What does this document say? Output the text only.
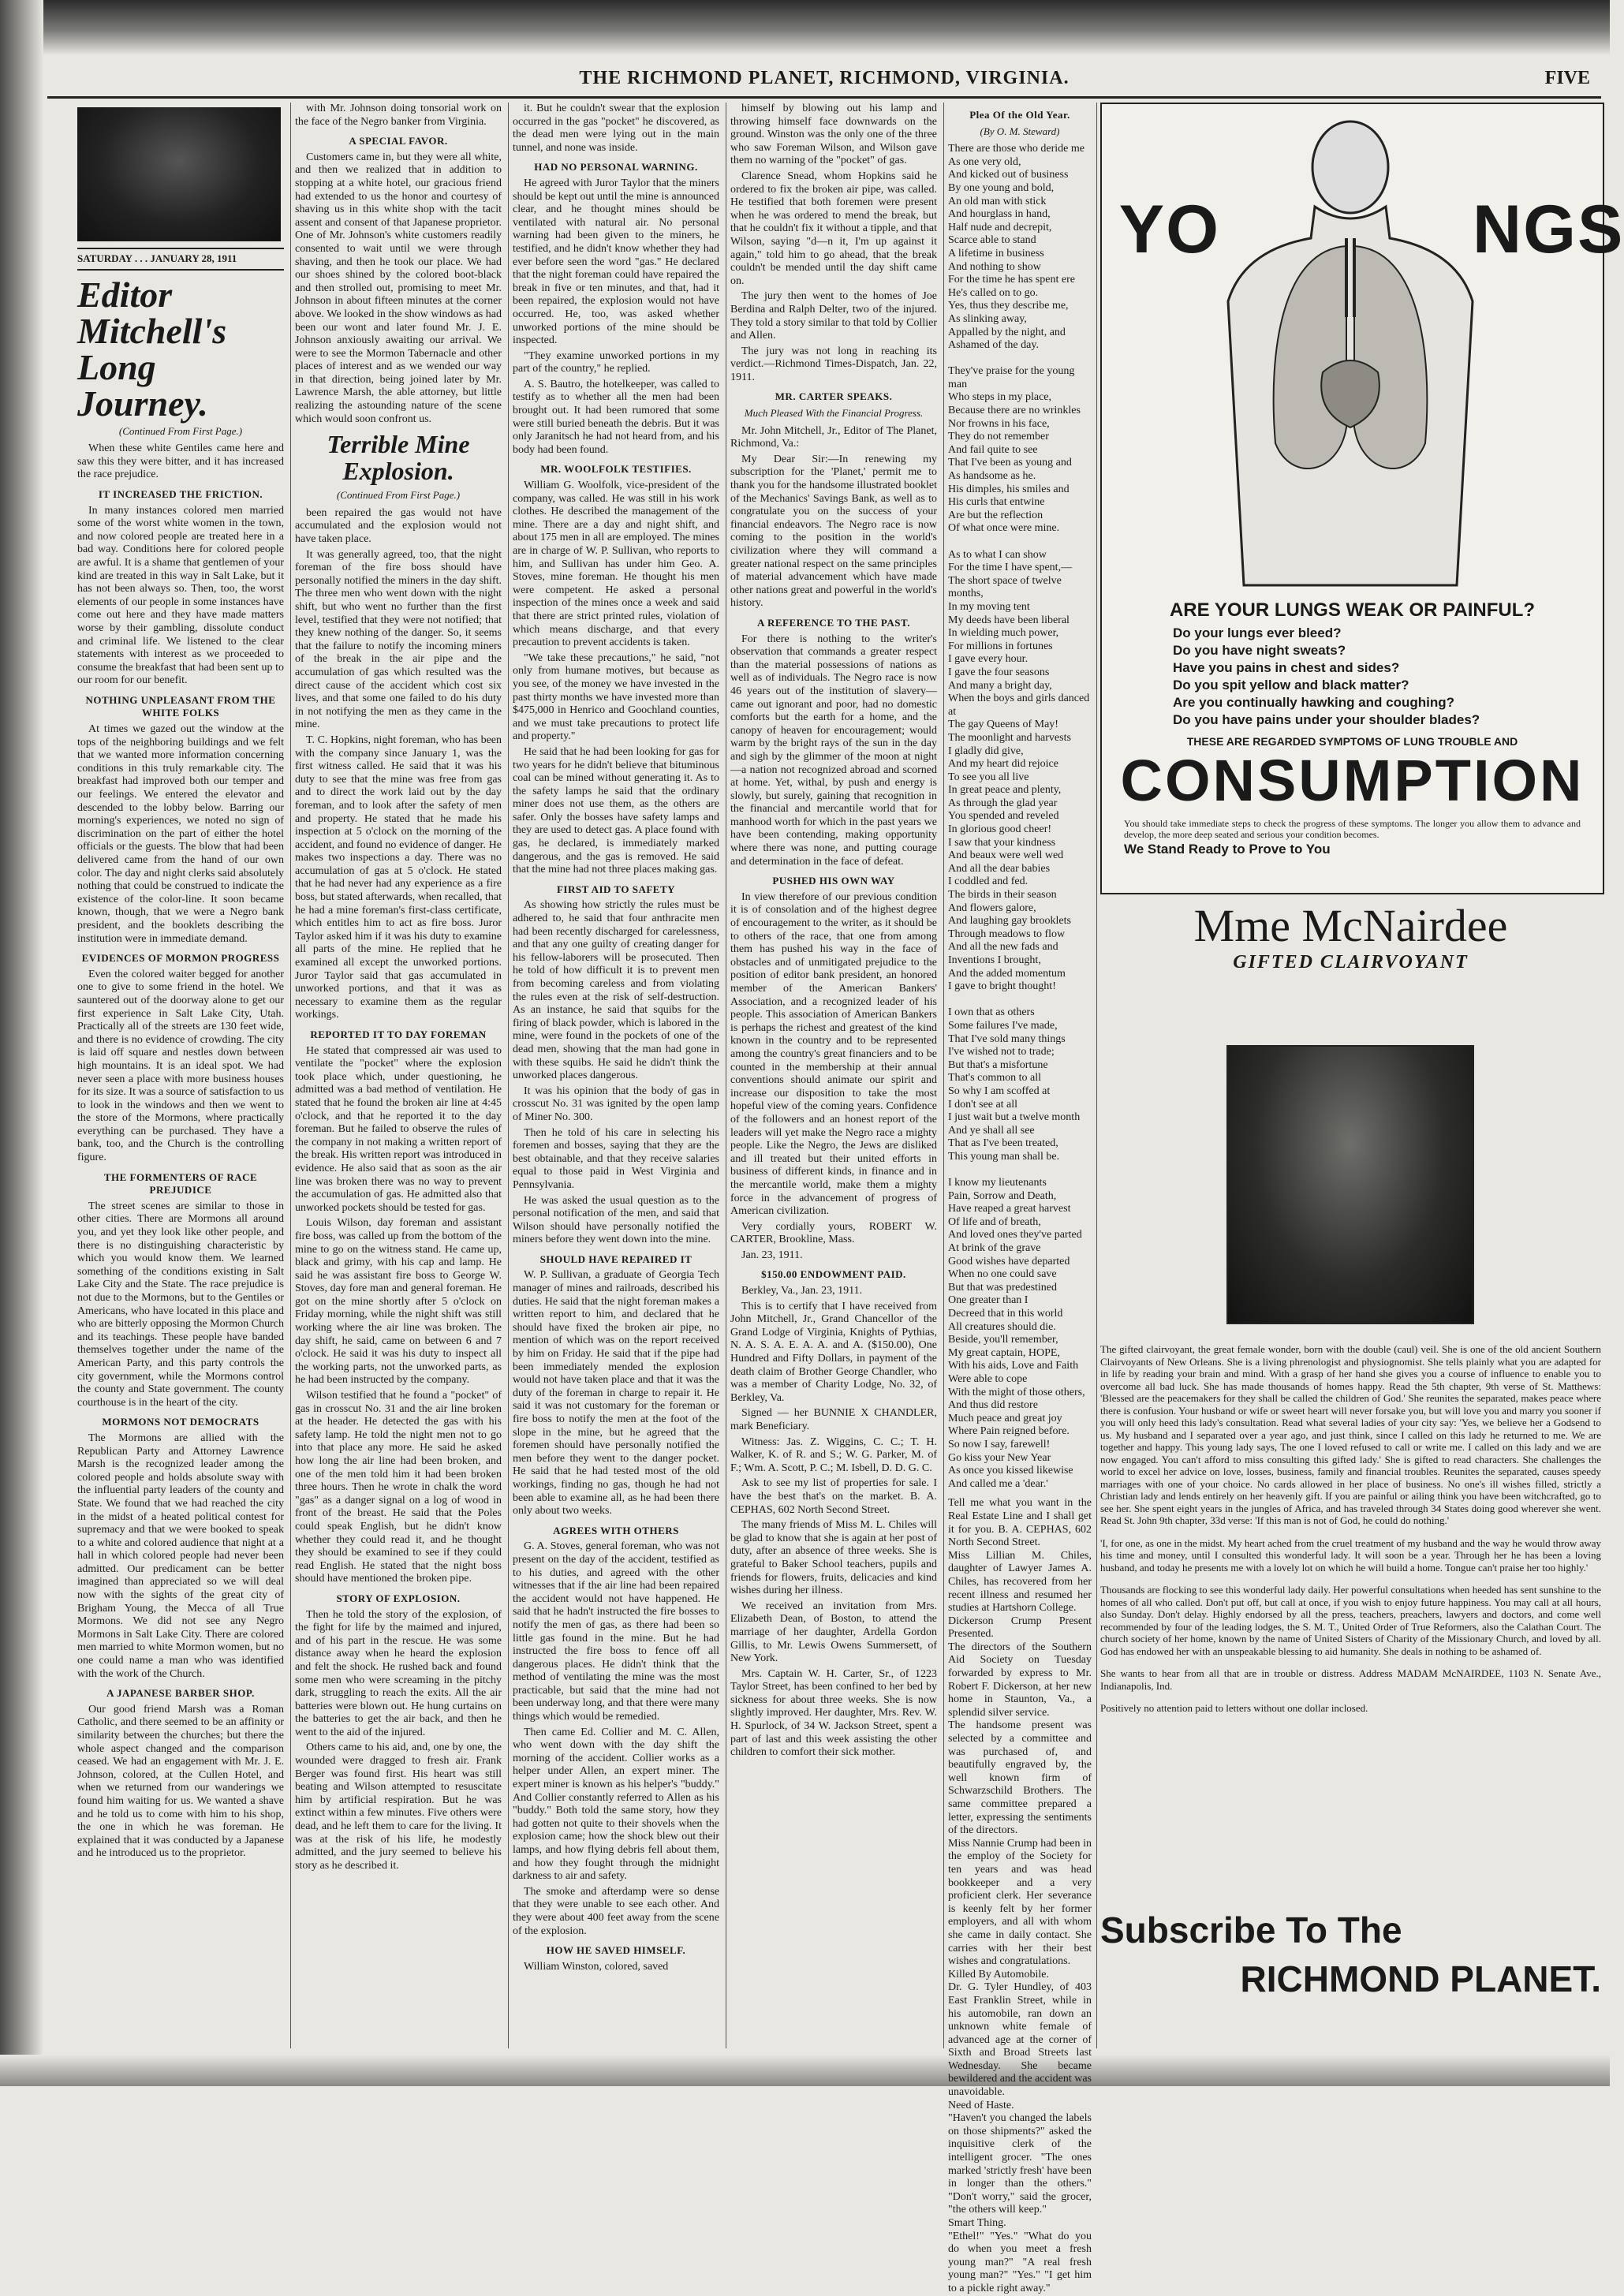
THE RICHMOND PLANET, RICHMOND, VIRGINIA.	FIVE
SATURDAY . . . JANUARY 28, 1911
Editor Mitchell's Long Journey.
(Continued From First Page.)

When these white Gentiles came here and saw this they were bitter, and it has increased the race prejudice.

IT INCREASED THE FRICTION.

In many instances colored men married some of the worst white women in the town, and now colored people are treated here in a bad way. Conditions here for colored people are awful. It is a shame that gentlemen of your kind are treated in this way in Salt Lake, but it has not been always so. Then, too, the worst elements of our people in some instances have come out here and they have made matters worse by their gambling, dissolute conduct and criminal life. We listened to the clear statements with interest as we proceeded to consume the breakfast that had been sent up to our room for our benefit.

NOTHING UNPLEASANT FROM THE WHITE FOLKS

At times we gazed out the window at the tops of the neighboring buildings and we felt that we wanted more information concerning conditions in this truly remarkable city. The breakfast had improved both our temper and our feelings. We entered the elevator and descended to the lobby below. Barring our morning's experiences, we noted no sign of discrimination on the part of either the hotel officials or the guests. The blow that had been delivered came from the hand of our own color. The day and night clerks said absolutely nothing that could be construed to indicate the existence of the color-line. It soon became known, though, that we were a Negro bank president, and the booklets describing the institution were in immediate demand.

EVIDENCES OF MORMON PROGRESS

Even the colored waiter begged for another one to give to some friend in the hotel. We sauntered out of the doorway alone to get our first experience in Salt Lake City, Utah. Practically all of the streets are 130 feet wide, and there is no evidence of crowding. The city is laid off square and nestles down between high mountains. It is an ideal spot. We had never seen a place with more business houses for its size. It was a source of satisfaction to us to look in the windows and then we went to the store of the Mormons, where practically everything can be purchased. They have a bank, too, and the Church is the controlling figure.

THE FORMENTERS OF RACE PREJUDICE

The street scenes are similar to those in other cities. There are Mormons all around you, and yet they look like other people, and there is no distinguishing characteristic by which you would know them. We learned something of the conditions existing in Salt Lake City and the State. The race prejudice is not due to the Mormons, but to the Gentiles or Americans, who have located in this place and who are bitterly opposing the Mormon Church and its teachings. These people have banded themselves together under the name of the American Party, and this party controls the city government, while the Mormons control the county and State government. The county courthouse is in the heart of the city.

MORMONS NOT DEMOCRATS

The Mormons are allied with the Republican Party and Attorney Lawrence Marsh is the recognized leader among the colored people and holds absolute sway with the influential party leaders of the county and State. We found that we had reached the city in the midst of a heated political contest for supremacy and that we were booked to speak to a white and colored audience that night at a hall in which colored people had never been admitted. Our predicament can be better imagined than appreciated so we will deal now with the sights of the great city of Brigham Young, the Mecca of all True Mormons. We did not see any Negro Mormons in Salt Lake City. There are colored men married to white Mormon women, but no one could name a man who was identified with the work of the Church.

A JAPANESE BARBER SHOP.

Our good friend Marsh was a Roman Catholic, and there seemed to be an affinity or similarity between the churches; but there the whole aspect changed and the comparison ceased. We had an engagement with Mr. J. E. Johnson, colored, at the Cullen Hotel, and when we returned from our wanderings we found him waiting for us. We wanted a shave and he told us to come with him to his shop, the one in which he was foreman. He explained that it was conducted by a Japanese and he introduced us to the proprietor.

with Mr. Johnson doing tonsorial work on the face of the Negro banker from Virginia.

A SPECIAL FAVOR.

Customers came in, but they were all white, and then we realized that in addition to stopping at a white hotel, our gracious friend had extended to us the honor and courtesy of shaving us in this white shop with the tacit assent and consent of that Japanese proprietor. One of Mr. Johnson's white customers readily consented to wait until we were through shaving, and then he took our place. We had our shoes shined by the colored boot-black and then strolled out, promising to meet Mr. Johnson in about fifteen minutes at the corner above. We looked in the show windows as had been our wont and later found Mr. J. E. Johnson anxiously awaiting our arrival. We were to see the Mormon Tabernacle and other places of interest and as we wended our way in that direction, being joined later by Mr. Lawrence Marsh, the able attorney, but little realizing the astounding nature of the scene which would soon confront us.

Terrible Mine Explosion.
(Continued From First Page.)

been repaired the gas would not have accumulated and the explosion would not have taken place.

It was generally agreed, too, that the night foreman of the fire boss should have personally notified the miners in the day shift. The three men who went down with the night shift, but who went no further than the first level, testified that they were not notified; that they knew nothing of the danger. So, it seems that the failure to notify the incoming miners of the break in the air pipe and the accumulation of gas which resulted was the direct cause of the accident which cost six lives, and that some one failed to do his duty in not notifying the men as they came in the mine.

T. C. Hopkins, night foreman, who has been with the company since January 1, was the first witness called. He said that it was his duty to see that the mine was free from gas and to direct the work laid out by the day foreman, and to look after the safety of men and property. He stated that he made his inspection at 5 o'clock on the morning of the accident, and found no evidence of danger. He makes two inspections a day. There was no accumulation of gas at 5 o'clock. He stated that he had never had any experience as a fire boss, but stated afterwards, when recalled, that he had a mine foreman's first-class certificate, which entitles him to act as fire boss. Juror Taylor asked him if it was his duty to examine all parts of the mine. He replied that he examined all except the unworked portions. Juror Taylor said that gas accumulated in unworked portions, and that it was as necessary to examine them as the regular workings.

REPORTED IT TO DAY FOREMAN

He stated that compressed air was used to ventilate the "pocket" where the explosion took place which, under questioning, he admitted was a bad method of ventilation. He stated that he found the broken air line at 4:45 o'clock, and that he reported it to the day foreman. But he failed to observe the rules of the company in not making a written report of the break. His written report was introduced in evidence. He also said that as soon as the air line was broken there was no way to prevent the accumulation of gas. He admitted also that unworked pockets should be tested for gas.

Louis Wilson, day foreman and assistant fire boss, was called up from the bottom of the mine to go on the witness stand. He came up, black and grimy, with his cap and lamp. He said he was assistant fire boss to George W. Stoves, day fore man and general foreman. He got on the mine shortly after 5 o'clock on Friday morning, while the night shift was still working where the air line was broken. The day shift, he said, came on between 6 and 7 o'clock. He said it was his duty to inspect all the working parts, not the unworked parts, as he had been instructed by the company.

Wilson testified that he found a "pocket" of gas in crosscut No. 31 and the air line broken at the header. He detected the gas with his safety lamp. He told the night men not to go into that place any more. He said he asked how long the air line had been broken, and one of the men told him it had been broken three hours. Then he wrote in chalk the word "gas" as a danger signal on a log of wood in front of the breast. He said that the Poles could speak English, but he didn't know whether they could read it, and he thought they should be examined to see if they could read English. He stated that the night boss should have mentioned the broken pipe.

STORY OF EXPLOSION.

Then he told the story of the explosion, of the fight for life by the maimed and injured, and of his part in the rescue. He was some distance away when he heard the explosion and felt the shock. He rushed back and found some men who were screaming in the pitchy dark, struggling to reach the exits. All the air batteries were blown out. He hung curtains on the batteries to get the air back, and then he went to the aid of the injured.

Others came to his aid, and, one by one, the wounded were dragged to fresh air. Frank Berger was found first. His heart was still beating and Wilson attempted to resuscitate him by artificial respiration. But he was extinct within a few minutes. Five others were dead, and he left them to care for the living. It was at the risk of his life, he modestly admitted, and the jury seemed to believe his story as he described it.

it. But he couldn't swear that the explosion occurred in the gas "pocket" he discovered, as the dead men were lying out in the main tunnel, and none was inside.

HAD NO PERSONAL WARNING.

He agreed with Juror Taylor that the miners should be kept out until the mine is announced clear, and he thought mines should be ventilated with natural air. No personal warning had been given to the miners, he testified, and he didn't know whether they had ever before seen the word "gas." He declared that the night foreman could have repaired the break in five or ten minutes, and that, had it been repaired, the explosion would not have occurred. He, too, was asked whether unworked portions of the mine should be inspected.

"They examine unworked portions in my part of the country," he replied.

A. S. Bautro, the hotelkeeper, was called to testify as to whether all the men had been brought out. It had been rumored that some were still buried beneath the debris. But it was only Jaranitsch he had not heard from, and his body had been found.

MR. WOOLFOLK TESTIFIES.

William G. Woolfolk, vice-president of the company, was called. He was still in his work clothes. He described the management of the mine. There are a day and night shift, and about 175 men in all are employed. The mines are in charge of W. P. Sullivan, who reports to him, and Sullivan has under him Geo. A. Stoves, mine foreman. He thought his men were competent. He asked a personal inspection of the mines once a week and said that there are strict printed rules, violation of which means discharge, and that every precaution to prevent accidents is taken.

"We take these precautions," he said, "not only from humane motives, but because as you see, of the money we have invested in the past thirty months we have invested more than $475,000 in Henrico and Goochland counties, and we must take precautions to protect life and property."

He said that he had been looking for gas for two years for he didn't believe that bituminous coal can be mined without generating it. As to the safety lamps he said that the ordinary miner does not use them, as the others are safer. Only the bosses have safety lamps and they are used to detect gas. A place found with gas, he declared, is immediately marked dangerous, and the gas is removed. He said that the mine had not three places making gas.

FIRST AID TO SAFETY

As showing how strictly the rules must be adhered to, he said that four anthracite men had been recently discharged for carelessness, and that any one guilty of creating danger for his fellow-laborers will be prosecuted. Then he told of how difficult it is to prevent men from becoming careless and from violating the rules even at the risk of self-destruction. As an instance, he said that squibs for the firing of black powder, which is labored in the mine, were found in the pockets of one of the dead men, showing that the man had gone in with these squibs. He said he didn't think the unworked places dangerous.

It was his opinion that the body of gas in crosscut No. 31 was ignited by the open lamp of Miner No. 300.

Then he told of his care in selecting his foremen and bosses, saying that they are the best obtainable, and that they receive salaries equal to those paid in West Virginia and Pennsylvania.

He was asked the usual question as to the personal notification of the men, and said that Wilson should have personally notified the miners before they went down into the mine.

SHOULD HAVE REPAIRED IT

W. P. Sullivan, a graduate of Georgia Tech manager of mines and railroads, described his duties. He said that the night foreman makes a written report to him, and declared that he should have fixed the broken air pipe, no mention of which was on the report received by him on Friday. He said that if the pipe had been immediately mended the explosion would not have taken place and that it was the duty of the foreman in charge to repair it. He said it was not customary for the foreman or fire boss to notify the men at the foot of the slope in the mine, but he agreed that the foremen should have personally notified the men before they went to the danger pocket. He said that he had tested most of the old workings, finding no gas, though he had not been able to examine all, as he had been there only about two weeks.

AGREES WITH OTHERS

G. A. Stoves, general foreman, who was not present on the day of the accident, testified as to his duties, and agreed with the other witnesses that if the air line had been repaired the accident would not have happened. He said that he hadn't instructed the fire bosses to notify the men of gas, as there had been so little gas found in the mine. But he had instructed the fire boss to fence off all dangerous places. He didn't think that the method of ventilating the mine was the most practicable, but said that the mine had not been underway long, and that there were many things which would be remedied.

Then came Ed. Collier and M. C. Allen, who went down with the day shift the morning of the accident. Collier works as a helper under Allen, an expert miner. The expert miner is known as his helper's "buddy." And Collier constantly referred to Allen as his "buddy." Both told the same story, how they had gotten not quite to their shovels when the explosion came; how the shock blew out their lamps, and how flying debris fell about them, and how they fought through the midnight darkness to air and safety.

The smoke and afterdamp were so dense that they were unable to see each other. And they were about 400 feet away from the scene of the explosion.

HOW HE SAVED HIMSELF.

William Winston, colored, saved

himself by blowing out his lamp and throwing himself face downwards on the ground. Winston was the only one of the three who saw Foreman Wilson, and Wilson gave them no warning of the "pocket" of gas.

Clarence Snead, whom Hopkins said he ordered to fix the broken air pipe, was called. He testified that both foremen were present when he was ordered to mend the break, but that he couldn't fix it without a tipple, and that Wilson, saying "d—n it, I'm up against it again," told him to go ahead, that the break couldn't be mended until the day shift came on.

The jury then went to the homes of Joe Berdina and Ralph Delter, two of the injured. They told a story similar to that told by Collier and Allen.

The jury was not long in reaching its verdict.—Richmond Times-Dispatch, Jan. 22, 1911.

MR. CARTER SPEAKS.
Much Pleased With the Financial Progress.

Mr. John Mitchell, Jr., Editor of The Planet, Richmond, Va.:

My Dear Sir:—In renewing my subscription for the 'Planet,' permit me to thank you for the handsome illustrated booklet of the Mechanics' Savings Bank, as well as to congratulate you on the success of your financial endeavors. The Negro race is now coming to the position in the world's civilization where they will command a greater national respect on the same principles of material advancement which have made other nations great and powerful in the world's history.

A REFERENCE TO THE PAST.

For there is nothing to the writer's observation that commands a greater respect than the material possessions of nations as well as of individuals. The Negro race is now 46 years out of the institution of slavery—came out ignorant and poor, had no domestic comforts but the earth for a home, and the canopy of heaven for encouragement; would warm by the bright rays of the sun in the day and sigh by the glimmer of the moon at night—a nation not recognized abroad and scorned at home. Yet, withal, by push and energy is slowly, but surely, gaining that recognition in the financial and mercantile world that for manhood worth for which in the past years we have been contending, making opportunity where there was none, and putting courage and determination in the face of defeat.

PUSHED HIS OWN WAY

In view therefore of our previous condition it is of consolation and of the highest degree of encouragement to the writer, as it should be to others of the race, that one from among them has pushed his way in the face of obstacles and of unmitigated prejudice to the position of editor bank president, an honored member of the American Bankers' Association, and a recognized leader of his people. This association of American Bankers is perhaps the richest and greatest of the kind known in the country and to be represented among the country's great financiers and to be counted in the membership at their annual conventions should animate our spirit and increase our disposition to take the most hopeful view of the coming years. Confidence of the followers and an honest report of the leaders will yet make the Negro race a mighty people. Like the Negro, the Jews are disliked and ill treated but their united efforts in business of different kinds, in finance and in the mercantile world, make them a mighty force in the advancement of progress of American civilization.

Very cordially yours, ROBERT W. CARTER, Brookline, Mass.

Jan. 23, 1911.

$150.00 ENDOWMENT PAID.

Berkley, Va., Jan. 23, 1911.

This is to certify that I have received from John Mitchell, Jr., Grand Chancellor of the Grand Lodge of Virginia, Knights of Pythias, N. A. S. A. E. A. A. and A. ($150.00), One Hundred and Fifty Dollars, in payment of the death claim of Brother George Chandler, who was a member of Charity Lodge, No. 32, of Berkley, Va.

Signed — her BUNNIE X CHANDLER, mark Beneficiary.

Witness: Jas. Z. Wiggins, C. C.; T. H. Walker, K. of R. and S.; W. G. Parker, M. of F.; Wm. A. Scott, P. C.; M. Isbell, D. D. G. C.

Ask to see my list of properties for sale. I have the best that's on the market. B. A. CEPHAS, 602 North Second Street.

The many friends of Miss M. L. Chiles will be glad to know that she is again at her post of duty, after an absence of three weeks. She is grateful to Baker School teachers, pupils and friends for flowers, fruits, delicacies and kind wishes during her illness.

We received an invitation from Mrs. Elizabeth Dean, of Boston, to attend the marriage of her daughter, Ardella Gordon Gillis, to Mr. Lewis Owens Summersett, of New York.

Mrs. Captain W. H. Carter, Sr., of 1223 Taylor Street, has been confined to her bed by sickness for about three weeks. She is now slightly improved. Her daughter, Mrs. Rev. W. H. Spurlock, of 34 W. Jackson Street, spent a part of last and this week assisting the other children to comfort their sick mother.

Plea Of the Old Year.
(By O. M. Steward)

There are those who deride me

As one very old,

And kicked out of business

By one young and bold,

An old man with stick

And hourglass in hand,

Half nude and decrepit,

Scarce able to stand

A lifetime in business

And nothing to show

For the time he has spent ere

He's called on to go.

Yes, thus they describe me,

As slinking away,

Appalled by the night, and

Ashamed of the day.

They've praise for the young man

Who steps in my place,

Because there are no wrinkles

Nor frowns in his face,

They do not remember

And fail quite to see

That I've been as young and

As handsome as he.

His dimples, his smiles and

His curls that entwine

Are but the reflection

Of what once were mine.

As to what I can show

For the time I have spent,—

The short space of twelve months,

In my moving tent

My deeds have been liberal

In wielding much power,

For millions in fortunes

I gave every hour.

I gave the four seasons

And many a bright day,

When the boys and girls danced at

The gay Queens of May!

The moonlight and harvests

I gladly did give,

And my heart did rejoice

To see you all live

In great peace and plenty,

As through the glad year

You spended and reveled

In glorious good cheer!

I saw that your kindness

And beaux were well wed

And all the dear babies

I coddled and fed.

The birds in their season

And flowers galore,

And laughing gay brooklets

Through meadows to flow

And all the new fads and

Inventions I brought,

And the added momentum

I gave to bright thought!

I own that as others

Some failures I've made,

That I've sold many things

I've wished not to trade;

But that's a misfortune

That's common to all

So why I am scoffed at

I don't see at all

I just wait but a twelve month

And ye shall all see

That as I've been treated,

This young man shall be.

I know my lieutenants

Pain, Sorrow and Death,

Have reaped a great harvest

Of life and of breath,

And loved ones they've parted

At brink of the grave

Good wishes have departed

When no one could save

But that was predestined

One greater than I

Decreed that in this world

All creatures should die.

Beside, you'll remember,

My great captain, HOPE,

With his aids, Love and Faith

Were able to cope

With the might of those others,

And thus did restore

Much peace and great joy

Where Pain reigned before.

So now I say, farewell!

Go kiss your New Year

As once you kissed likewise

And called me a 'dear.'

Tell me what you want in the Real Estate Line and I shall get it for you. B. A. CEPHAS, 602 North Second Street.

Miss Lillian M. Chiles, daughter of Lawyer James A. Chiles, has recovered from her recent illness and resumed her studies at Hartshorn College.

Dickerson Crump Present Presented.

The directors of the Southern Aid Society on Tuesday forwarded by express to Mr. Robert F. Dickerson, at her new home in Staunton, Va., a splendid silver service.

The handsome present was selected by a committee and was purchased of, and beautifully engraved by, the well known firm of Schwarzschild Brothers. The same committee prepared a letter, expressing the sentiments of the directors.

Miss Nannie Crump had been in the employ of the Society for ten years and was head bookkeeper and a very proficient clerk. Her severance is keenly felt by her former employers, and all with whom she came in daily contact. She carries with her their best wishes and congratulations.

Killed By Automobile.

Dr. G. Tyler Hundley, of 403 East Franklin Street, while in his automobile, ran down an unknown white female of advanced age at the corner of Sixth and Broad Streets last Wednesday. She became bewildered and the accident was unavoidable.

Need of Haste.

"Haven't you changed the labels on those shipments?" asked the inquisitive clerk of the intelligent grocer. "The ones marked 'strictly fresh' have been in longer than the others." "Don't worry," said the grocer, "the others will keep."

Smart Thing.

"Ethel!" "Yes." "What do you do when you meet a fresh young man?" "A real fresh young man?" "Yes." "I get him to a pickle right away."

YO	NGS
ARE YOUR LUNGS WEAK OR PAINFUL?
Do your lungs ever bleed?
Do you have night sweats?
Have you pains in chest and sides?
Do you spit yellow and black matter?
Are you continually hawking and coughing?
Do you have pains under your shoulder blades?
THESE ARE REGARDED SYMPTOMS OF LUNG TROUBLE AND
CONSUMPTION
You should take immediate steps to check the progress of these symptoms. The longer you allow them to advance and develop, the more deep seated and serious your condition becomes.
We Stand Ready to Prove to You
Mme McNairdee
GIFTED CLAIRVOYANT

The gifted clairvoyant, the great female wonder, born with the double (caul) veil. She is one of the old ancient Southern Clairvoyants of New Orleans. She is a living phrenologist and physiognomist. She tells plainly what you are adapted for in life by reading your brain and mind. With a grasp of her hand she gives you a course of influence to enable you to overcome all bad luck. She has made thousands of homes happy. Read the 5th chapter, 9th verse of St. Matthews: 'Blessed are the peacemakers for they shall be called the children of God.' She reunites the separated, makes peace where there is confusion. Your husband or wife or sweet heart will never forsake you, but will love you and marry you sooner if you will only heed this lady's consultation. Read what several ladies of your city say: 'Yes, we believe her a Godsend to us. My husband and I separated over a year ago, and just think, since I called on this lady he returned to me. We are together and happy. This young lady says, The one I loved refused to call or write me. I called on this lady and we are now engaged. You can't afford to miss consulting this gifted lady.' She is gifted to read characters. She challenges the world to excel her advice on love, losses, business, family and financial troubles. Reunites the separated, causes speedy marriages with one of your choice. No cards allowed in her place of business. No one's ill wishes filled, strictly a Christian lady and lends entirely on her heavenly gift. If you are painful or ailing think you have been witchcrafted, go to see her. She spent eight years in the jungles of Africa, and has traveled through 34 States doing good wherever she went. Read St. John 9th chapter, 33d verse: 'If this man is not of God, he could do nothing.'

'I, for one, as one in the midst. My heart ached from the cruel treatment of my husband and the way he would throw away his time and money, until I consulted this wonderful lady. It will soon be a year. Through her he has been a loving husband, and today he presents me with a lovely lot on which he will build a home. Tongue can't praise her too highly.'

Thousands are flocking to see this wonderful lady daily. Her powerful consultations when heeded has sent sunshine to the homes of all who called. Don't put off, but call at once, if you wish to enjoy future happiness. You may call at all hours, also Sunday. Don't delay. Highly endorsed by all the press, teachers, preachers, lawyers and doctors, and come well recommended by four of the leading lodges, the S. M. T., United Order of True Reformers, also the Calathan Court. The church society of her home, known by the name of United Sisters of Charity of the Missionary Church, and loved by all. God has endowed her with an unspeakable blessing to aid humanity. She deals in nothing to be ashamed of.

She wants to hear from all that are in trouble or distress. Address MADAM McNAIRDEE, 1103 N. Senate Ave., Indianapolis, Ind.

Positively no attention paid to letters without one dollar inclosed.

Subscribe To The
RICHMOND PLANET.
